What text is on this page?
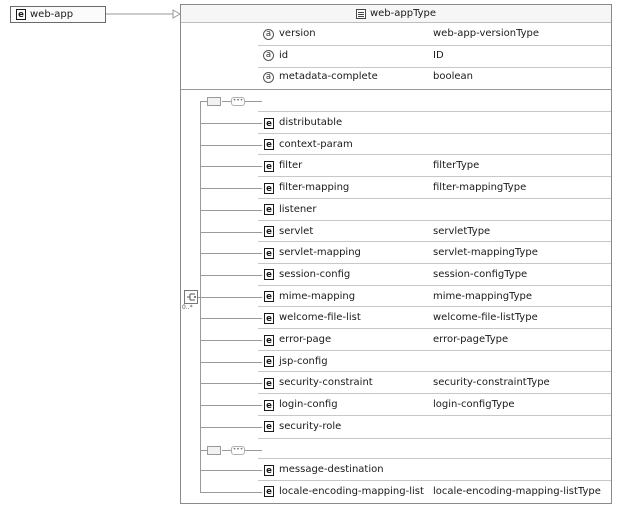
e web-app	web-appType
a version	web-app-versionType
a id	ID
a metadata-complete	boolean
e distributable
e context-param
e filter	filterType
e filter-mapping	filter-mappingType
e listener
e servlet	servletType
e servlet-mapping	servlet-mappingType
e session-config	session-configType
e mime-mapping	mime-mappingType
e welcome-file-list	welcome-file-listType
e error-page	error-pageType
e jsp-config
e security-constraint	security-constraintType
e login-config	login-configType
e security-role
e message-destination
e locale-encoding-mapping-list locale-encoding-mapping-listType
0..*
•••
•••
